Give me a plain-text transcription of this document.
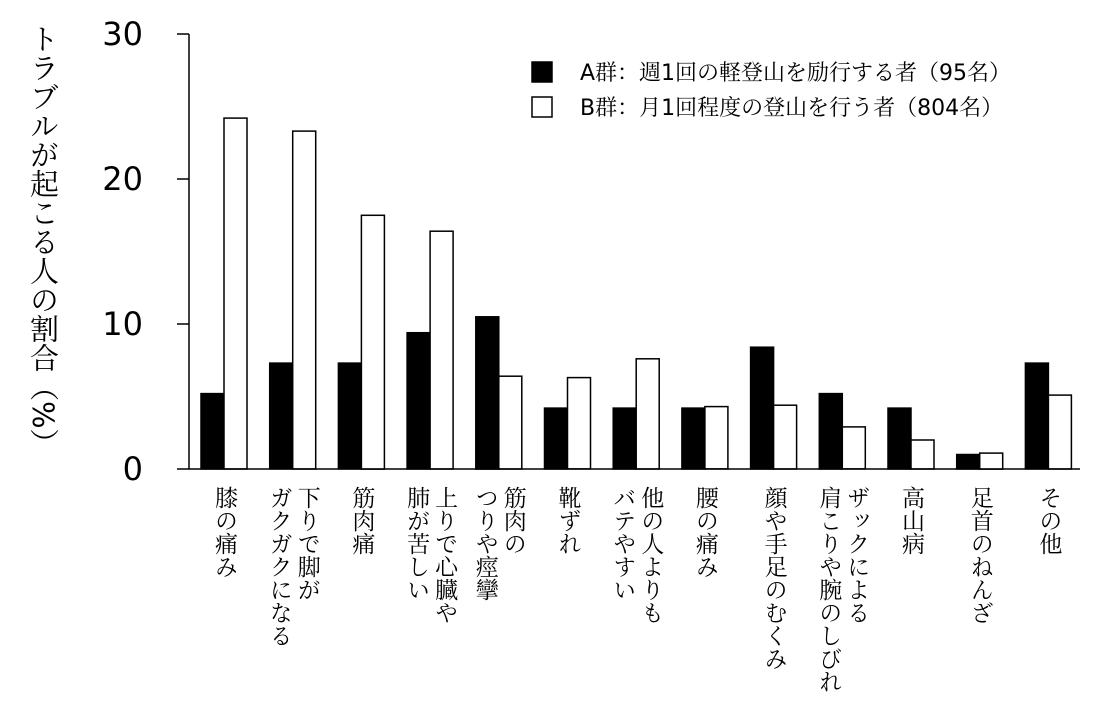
0
10
20
30
A群：週1回の軽登山を励行する者（95名）
B群：月1回程度の登山を行う者（804名）
トラブルが起こる人の割合（%）
膝の痛み	下りで脚が
ガクガクになる	筋肉痛	上りで心臓や
肺が苦しい	筋肉の
つりや痙攣	靴ずれ	他の人よりも
バテやすい	腰の痛み 顔や手足のむくみ	ザックによる
肩こりや腕のしびれ	高山病 足首のねんざ その他
